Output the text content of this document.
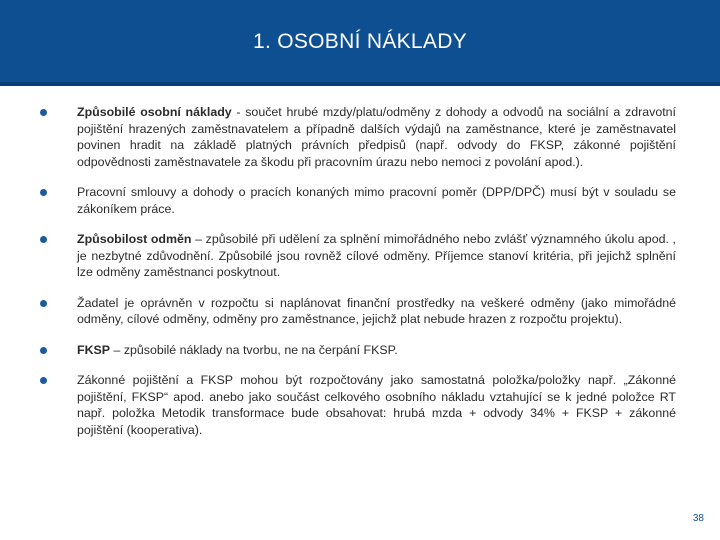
1. OSOBNÍ NÁKLADY
Způsobilé osobní náklady - součet hrubé mzdy/platu/odměny z dohody a odvodů na sociální a zdravotní pojištění hrazených zaměstnavatelem a případně dalších výdajů na zaměstnance, které je zaměstnavatel povinen hradit na základě platných právních předpisů (např. odvody do FKSP, zákonné pojištění odpovědnosti zaměstnavatele za škodu při pracovním úrazu nebo nemoci z povolání apod.).
Pracovní smlouvy a dohody o pracích konaných mimo pracovní poměr (DPP/DPČ) musí být v souladu se zákoníkem práce.
Způsobilost odměn – způsobilé při udělení za splnění mimořádného nebo zvlášť významného úkolu apod. , je nezbytné zdůvodnění. Způsobilé jsou rovněž cílové odměny. Příjemce stanoví kritéria, při jejichž splnění lze odměny zaměstnanci poskytnout.
Žadatel je oprávněn v rozpočtu si naplánovat finanční prostředky na veškeré odměny (jako mimořádné odměny, cílové odměny, odměny pro zaměstnance, jejichž plat nebude hrazen z rozpočtu projektu).
FKSP – způsobilé náklady na tvorbu, ne na čerpání FKSP.
Zákonné pojištění a FKSP mohou být rozpočtovány jako samostatná položka/položky např. „Zákonné pojištění, FKSP“ apod. anebo jako součást celkového osobního nákladu vztahující se k jedné položce RT např. položka Metodik transformace bude obsahovat: hrubá mzda + odvody 34% + FKSP + zákonné pojištění (kooperativa).
38
